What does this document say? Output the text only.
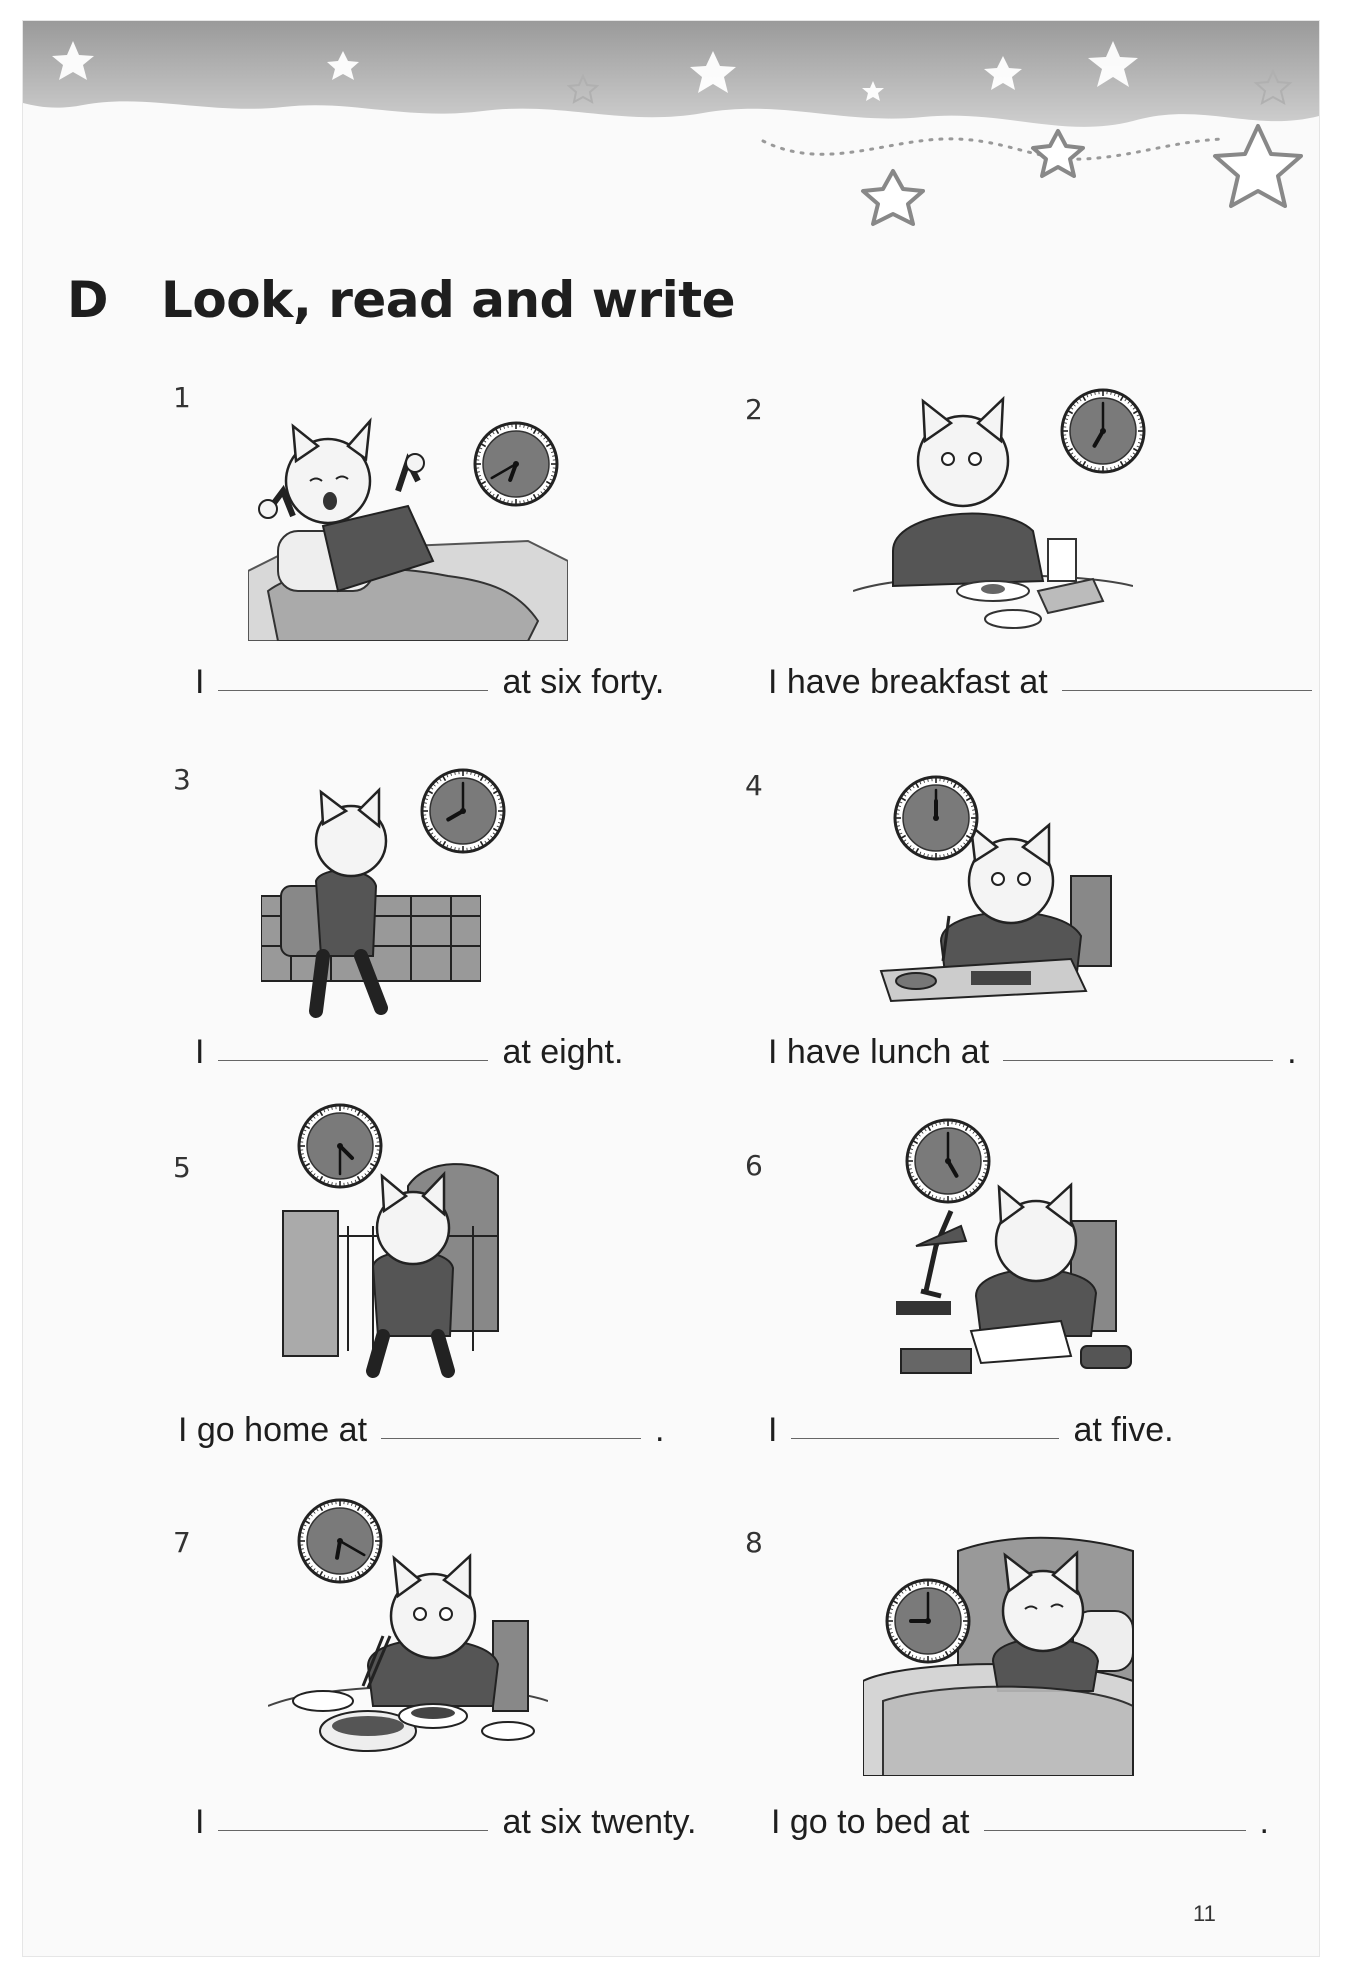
D Look, read and write
1
I	at six forty.
2
I have breakfast at
3
I	at eight.
4
I have lunch at	.
5
I go home at	.
6
I	at five.
7
I	at six twenty.
8
I go to bed at	.
11
